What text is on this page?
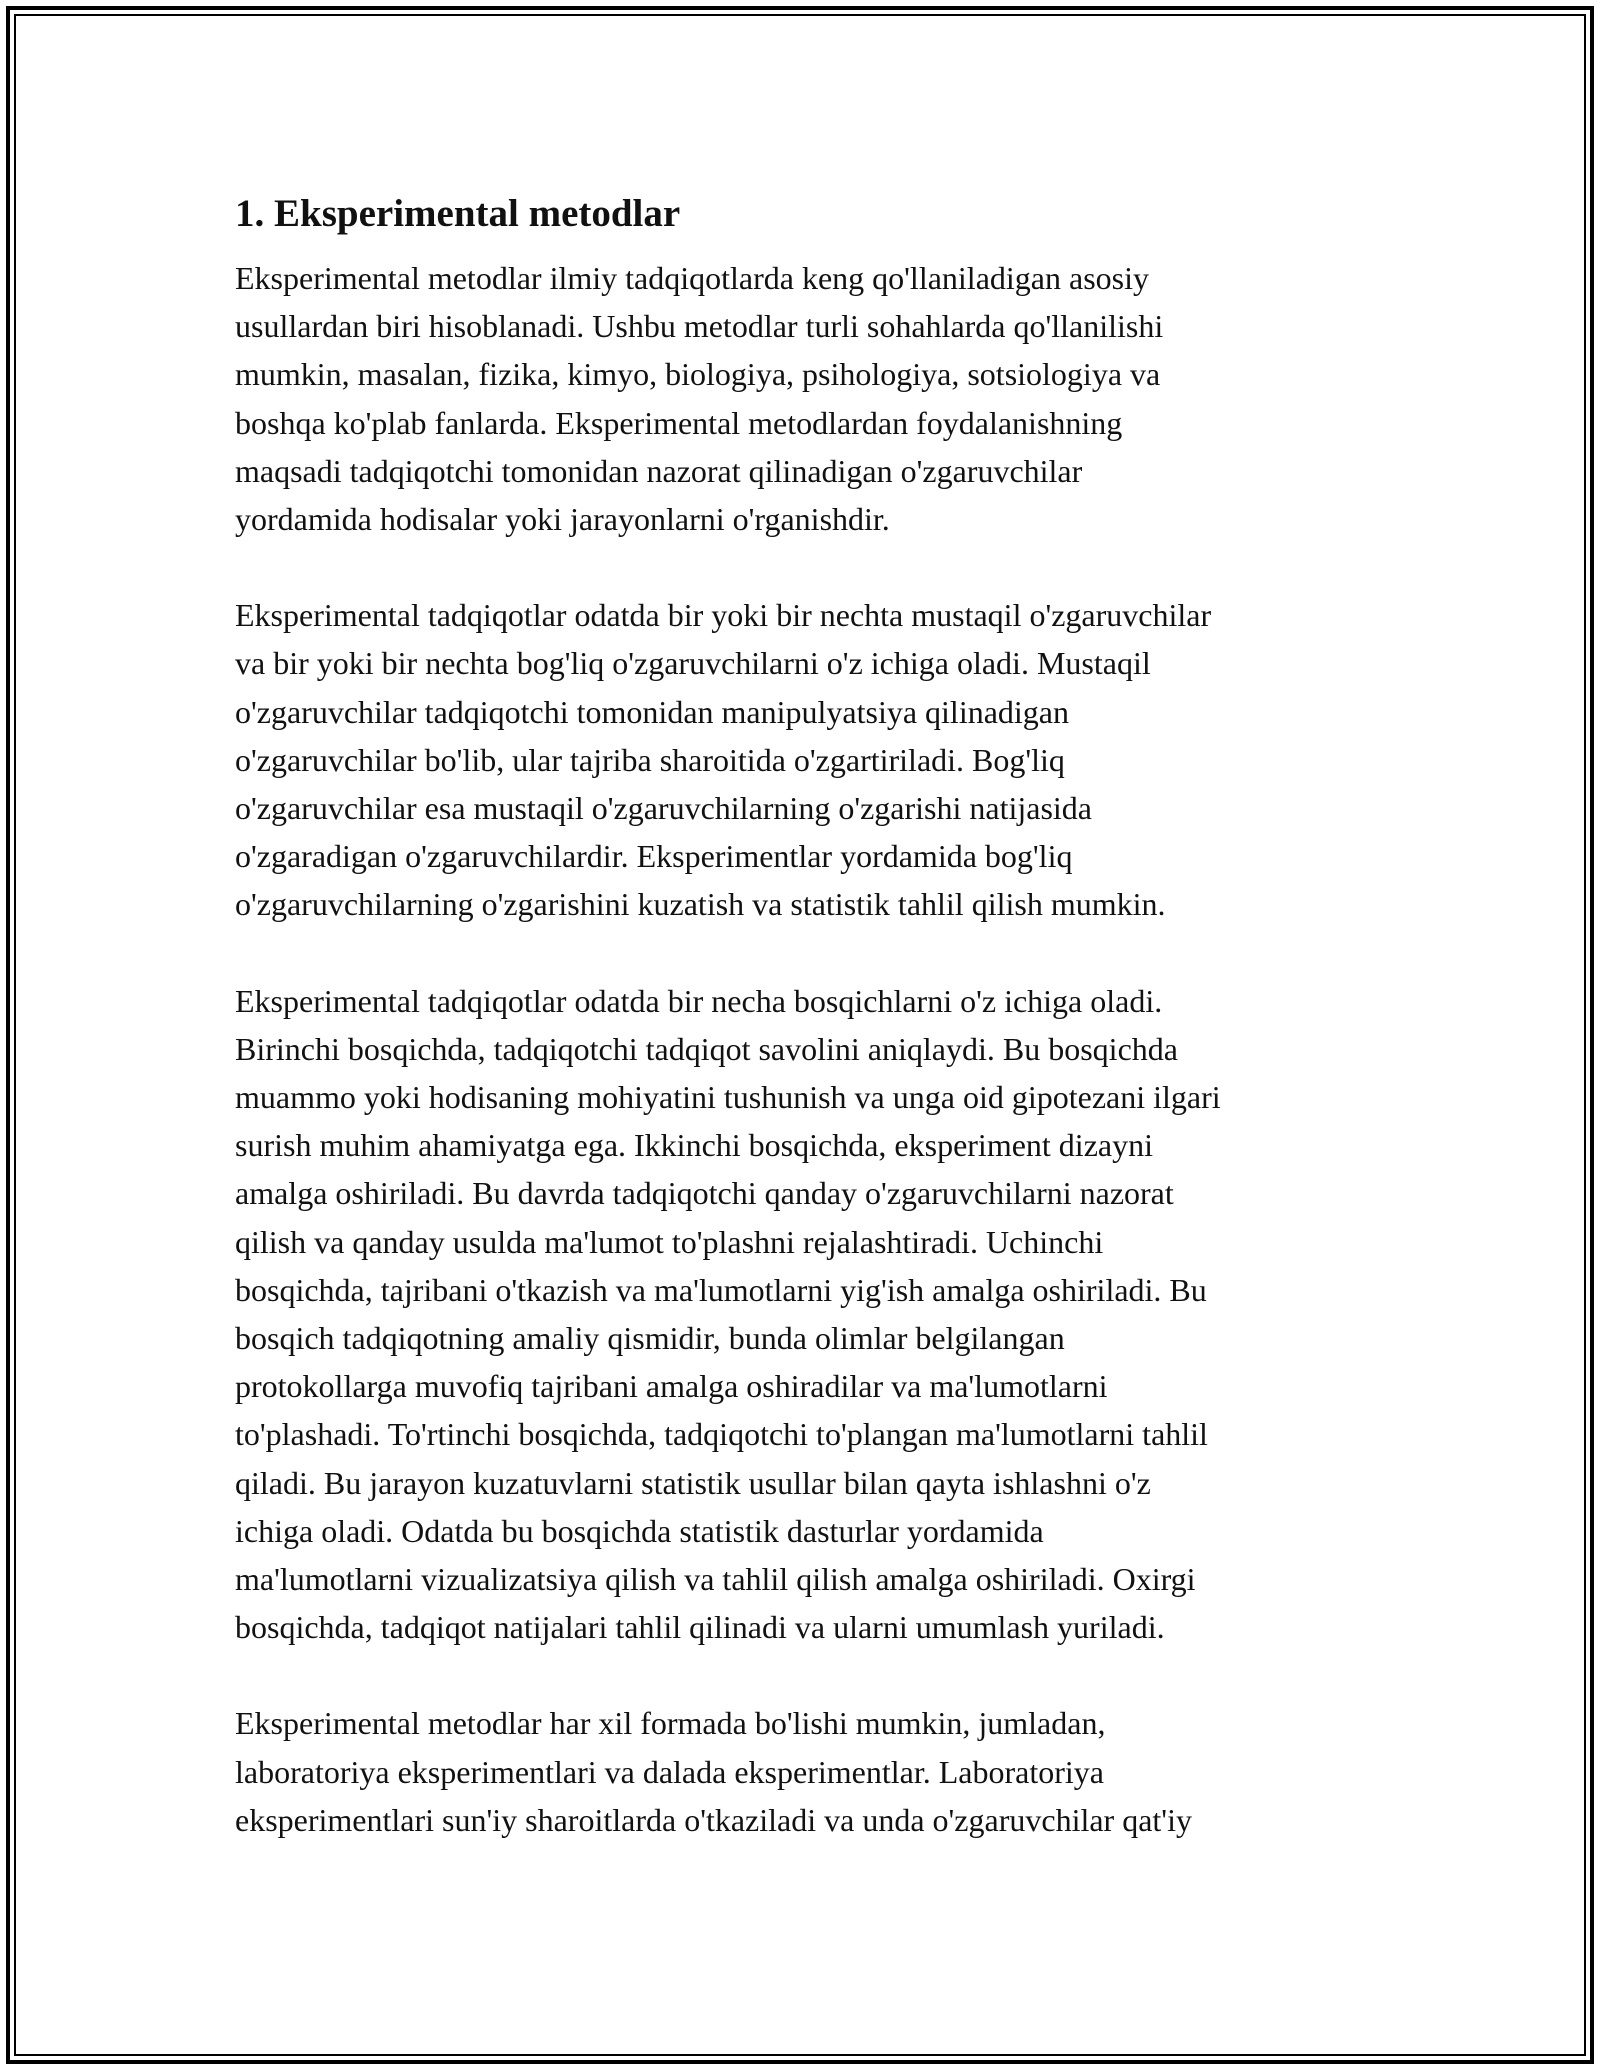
1. Eksperimental metodlar

Eksperimental metodlar ilmiy tadqiqotlarda keng qo'llaniladigan asosiy
usullardan biri hisoblanadi. Ushbu metodlar turli sohahlarda qo'llanilishi
mumkin, masalan, fizika, kimyo, biologiya, psihologiya, sotsiologiya va
boshqa ko'plab fanlarda. Eksperimental metodlardan foydalanishning
maqsadi tadqiqotchi tomonidan nazorat qilinadigan o'zgaruvchilar
yordamida hodisalar yoki jarayonlarni o'rganishdir.

Eksperimental tadqiqotlar odatda bir yoki bir nechta mustaqil o'zgaruvchilar
va bir yoki bir nechta bog'liq o'zgaruvchilarni o'z ichiga oladi. Mustaqil
o'zgaruvchilar tadqiqotchi tomonidan manipulyatsiya qilinadigan
o'zgaruvchilar bo'lib, ular tajriba sharoitida o'zgartiriladi. Bog'liq
o'zgaruvchilar esa mustaqil o'zgaruvchilarning o'zgarishi natijasida
o'zgaradigan o'zgaruvchilardir. Eksperimentlar yordamida bog'liq
o'zgaruvchilarning o'zgarishini kuzatish va statistik tahlil qilish mumkin.

Eksperimental tadqiqotlar odatda bir necha bosqichlarni o'z ichiga oladi.
Birinchi bosqichda, tadqiqotchi tadqiqot savolini aniqlaydi. Bu bosqichda
muammo yoki hodisaning mohiyatini tushunish va unga oid gipotezani ilgari
surish muhim ahamiyatga ega. Ikkinchi bosqichda, eksperiment dizayni
amalga oshiriladi. Bu davrda tadqiqotchi qanday o'zgaruvchilarni nazorat
qilish va qanday usulda ma'lumot to'plashni rejalashtiradi. Uchinchi
bosqichda, tajribani o'tkazish va ma'lumotlarni yig'ish amalga oshiriladi. Bu
bosqich tadqiqotning amaliy qismidir, bunda olimlar belgilangan
protokollarga muvofiq tajribani amalga oshiradilar va ma'lumotlarni
to'plashadi. To'rtinchi bosqichda, tadqiqotchi to'plangan ma'lumotlarni tahlil
qiladi. Bu jarayon kuzatuvlarni statistik usullar bilan qayta ishlashni o'z
ichiga oladi. Odatda bu bosqichda statistik dasturlar yordamida
ma'lumotlarni vizualizatsiya qilish va tahlil qilish amalga oshiriladi. Oxirgi
bosqichda, tadqiqot natijalari tahlil qilinadi va ularni umumlash yuriladi.

Eksperimental metodlar har xil formada bo'lishi mumkin, jumladan,
laboratoriya eksperimentlari va dalada eksperimentlar. Laboratoriya
eksperimentlari sun'iy sharoitlarda o'tkaziladi va unda o'zgaruvchilar qat'iy
